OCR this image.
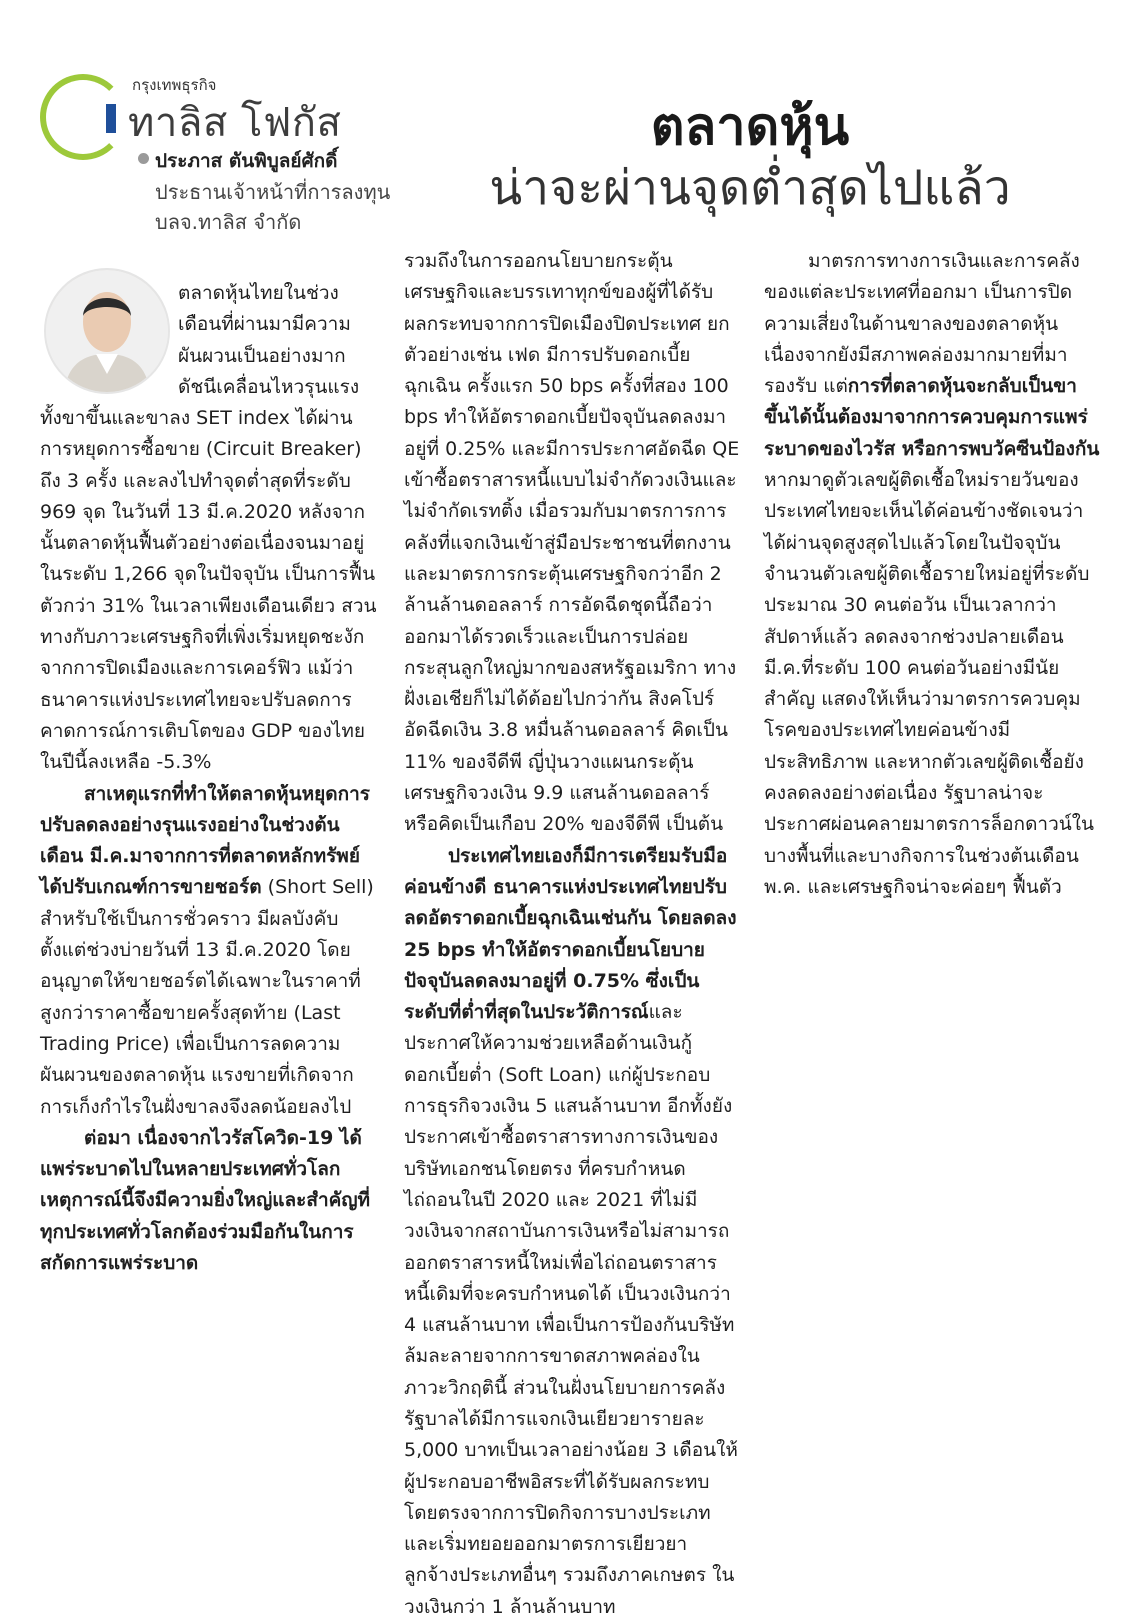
กรุงเทพธุรกิจ
ทาลิส โฟกัส
ประภาส ตันพิบูลย์ศักดิ์
ประธานเจ้าหน้าที่การลงทุน
บลจ.ทาลิส จำกัด
ตลาดหุ้น
น่าจะผ่านจุดต่ำสุดไปแล้ว

ตลาดหุ้นไทยในช่วงเดือนที่ผ่านมามีความผันผวนเป็นอย่างมาก ดัชนีเคลื่อนไหวรุนแรง

ทั้งขาขึ้นและขาลง SET index ได้ผ่านการหยุดการซื้อขาย (Circuit Breaker) ถึง 3 ครั้ง และลงไปทำจุดต่ำสุดที่ระดับ 969 จุด ในวันที่ 13 มี.ค.2020 หลังจากนั้นตลาดหุ้นฟื้นตัวอย่างต่อเนื่องจนมาอยู่ในระดับ 1,266 จุดในปัจจุบัน เป็นการฟื้นตัวกว่า 31% ในเวลาเพียงเดือนเดียว สวนทางกับภาวะเศรษฐกิจที่เพิ่งเริ่มหยุดชะงักจากการปิดเมืองและการเคอร์ฟิว แม้ว่าธนาคารแห่งประเทศไทยจะปรับลดการคาดการณ์การเติบโตของ GDP ของไทยในปีนี้ลงเหลือ -5.3%

สาเหตุแรกที่ทำให้ตลาดหุ้นหยุดการปรับลดลงอย่างรุนแรงอย่างในช่วงต้นเดือน มี.ค.มาจากการที่ตลาดหลักทรัพย์ได้ปรับเกณฑ์การขายชอร์ต (Short Sell) สำหรับใช้เป็นการชั่วคราว มีผลบังคับตั้งแต่ช่วงบ่ายวันที่ 13 มี.ค.2020 โดยอนุญาตให้ขายชอร์ตได้เฉพาะในราคาที่สูงกว่าราคาซื้อขายครั้งสุดท้าย (Last Trading Price) เพื่อเป็นการลดความผันผวนของตลาดหุ้น แรงขายที่เกิดจากการเก็งกำไรในฝั่งขาลงจึงลดน้อยลงไป

ต่อมา เนื่องจากไวรัสโควิด-19 ได้แพร่ระบาดไปในหลายประเทศทั่วโลก เหตุการณ์นี้จึงมีความยิ่งใหญ่และสำคัญที่ทุกประเทศทั่วโลกต้องร่วมมือกันในการสกัดการแพร่ระบาด

รวมถึงในการออกนโยบายกระตุ้นเศรษฐกิจและบรรเทาทุกข์ของผู้ที่ได้รับผลกระทบจากการปิดเมืองปิดประเทศ ยกตัวอย่างเช่น เฟด มีการปรับดอกเบี้ยฉุกเฉิน ครั้งแรก 50 bps ครั้งที่สอง 100 bps ทำให้อัตราดอกเบี้ยปัจจุบันลดลงมาอยู่ที่ 0.25% และมีการประกาศอัดฉีด QE เข้าซื้อตราสารหนี้แบบไม่จำกัดวงเงินและไม่จำกัดเรทติ้ง เมื่อรวมกับมาตรการการคลังที่แจกเงินเข้าสู่มือประชาชนที่ตกงานและมาตรการกระตุ้นเศรษฐกิจกว่าอีก 2 ล้านล้านดอลลาร์ การอัดฉีดชุดนี้ถือว่าออกมาได้รวดเร็วและเป็นการปล่อยกระสุนลูกใหญ่มากของสหรัฐอเมริกา ทางฝั่งเอเชียก็ไม่ได้ด้อยไปกว่ากัน สิงคโปร์อัดฉีดเงิน 3.8 หมื่นล้านดอลลาร์ คิดเป็น 11% ของจีดีพี ญี่ปุ่นวางแผนกระตุ้นเศรษฐกิจวงเงิน 9.9 แสนล้านดอลลาร์ หรือคิดเป็นเกือบ 20% ของจีดีพี เป็นต้น

ประเทศไทยเองก็มีการเตรียมรับมือค่อนข้างดี ธนาคารแห่งประเทศไทยปรับลดอัตราดอกเบี้ยฉุกเฉินเช่นกัน โดยลดลง 25 bps ทำให้อัตราดอกเบี้ยนโยบายปัจจุบันลดลงมาอยู่ที่ 0.75% ซึ่งเป็นระดับที่ต่ำที่สุดในประวัติการณ์และประกาศให้ความช่วยเหลือด้านเงินกู้ดอกเบี้ยต่ำ (Soft Loan) แก่ผู้ประกอบการธุรกิจวงเงิน 5 แสนล้านบาท อีกทั้งยังประกาศเข้าซื้อตราสารทางการเงินของบริษัทเอกชนโดยตรง ที่ครบกำหนดไถ่ถอนในปี 2020 และ 2021 ที่ไม่มีวงเงินจากสถาบันการเงินหรือไม่สามารถออกตราสารหนี้ใหม่เพื่อไถ่ถอนตราสารหนี้เดิมที่จะครบกำหนดได้ เป็นวงเงินกว่า 4 แสนล้านบาท เพื่อเป็นการป้องกันบริษัทล้มละลายจากการขาดสภาพคล่องในภาวะวิกฤตินี้ ส่วนในฝั่งนโยบายการคลัง รัฐบาลได้มีการแจกเงินเยียวยารายละ 5,000 บาทเป็นเวลาอย่างน้อย 3 เดือนให้ผู้ประกอบอาชีพอิสระที่ได้รับผลกระทบโดยตรงจากการปิดกิจการบางประเภท และเริ่มทยอยออกมาตรการเยียวยาลูกจ้างประเภทอื่นๆ รวมถึงภาคเกษตร ในวงเงินกว่า 1 ล้านล้านบาท

มาตรการทางการเงินและการคลังของแต่ละประเทศที่ออกมา เป็นการปิดความเสี่ยงในด้านขาลงของตลาดหุ้นเนื่องจากยังมีสภาพคล่องมากมายที่มารองรับ แต่การที่ตลาดหุ้นจะกลับเป็นขาขึ้นได้นั้นต้องมาจากการควบคุมการแพร่ระบาดของไวรัส หรือการพบวัคซีนป้องกัน หากมาดูตัวเลขผู้ติดเชื้อใหม่รายวันของประเทศไทยจะเห็นได้ค่อนข้างชัดเจนว่าได้ผ่านจุดสูงสุดไปแล้วโดยในปัจจุบัน จำนวนตัวเลขผู้ติดเชื้อรายใหม่อยู่ที่ระดับประมาณ 30 คนต่อวัน เป็นเวลากว่าสัปดาห์แล้ว ลดลงจากช่วงปลายเดือนมี.ค.ที่ระดับ 100 คนต่อวันอย่างมีนัยสำคัญ แสดงให้เห็นว่ามาตรการควบคุมโรคของประเทศไทยค่อนข้างมีประสิทธิภาพ และหากตัวเลขผู้ติดเชื้อยังคงลดลงอย่างต่อเนื่อง รัฐบาลน่าจะประกาศผ่อนคลายมาตรการล็อกดาวน์ในบางพื้นที่และบางกิจการในช่วงต้นเดือน พ.ค. และเศรษฐกิจน่าจะค่อยๆ ฟื้นตัว
